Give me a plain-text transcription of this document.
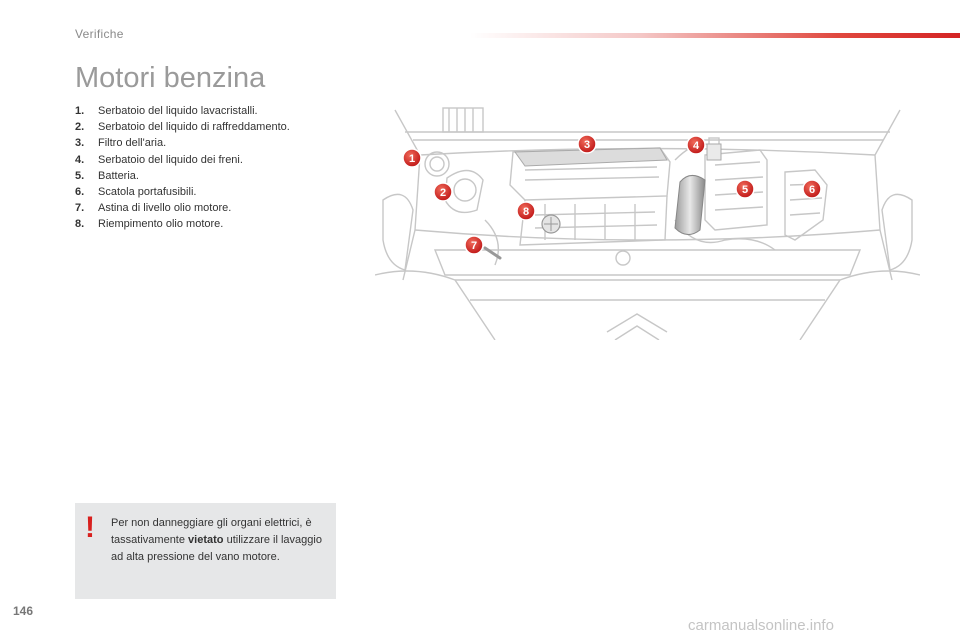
Verifiche
Motori benzina
1. Serbatoio del liquido lavacristalli.
2. Serbatoio del liquido di raffreddamento.
3. Filtro dell'aria.
4. Serbatoio del liquido dei freni.
5. Batteria.
6. Scatola portafusibili.
7. Astina di livello olio motore.
8. Riempimento olio motore.
1
2
3	4
5	6
7
8
! Per non danneggiare gli organi elettrici, è tassativamente vietato utilizzare il lavaggio ad alta pressione del vano motore.
146
carmanualsonline.info
